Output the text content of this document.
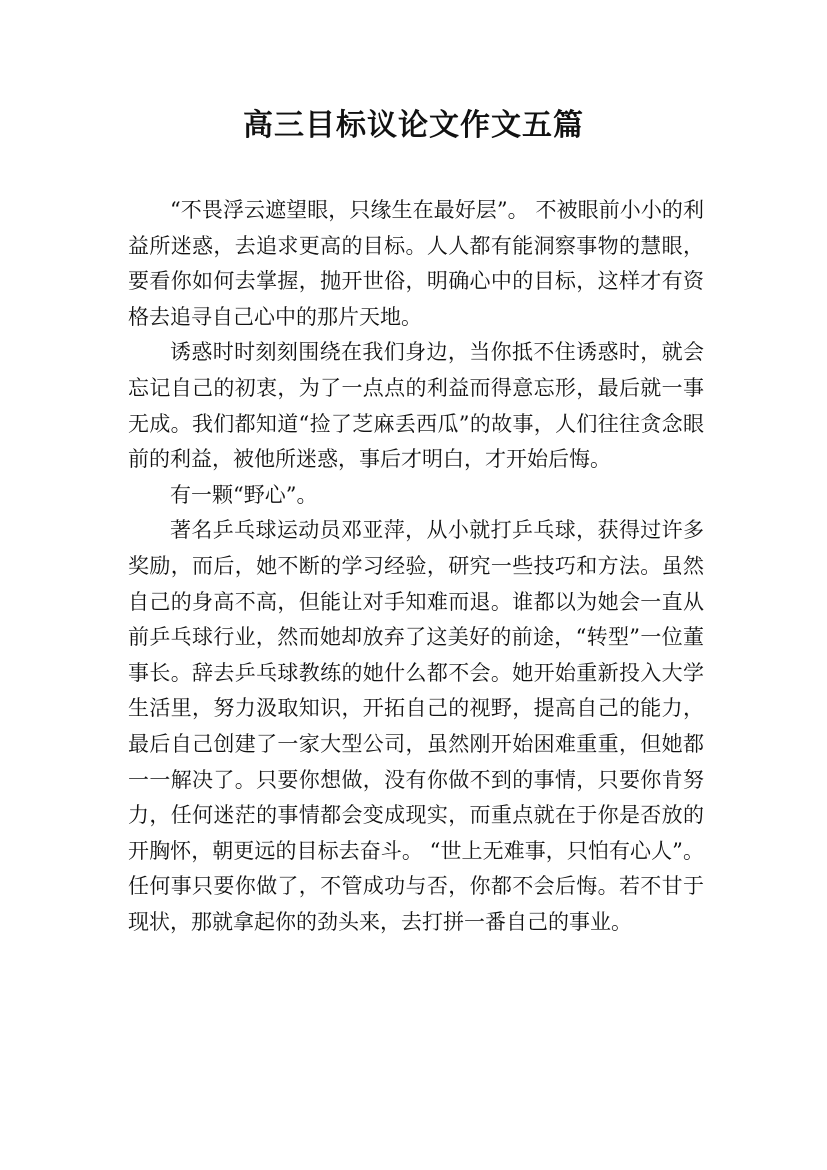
高三目标议论文作文五篇

“不畏浮云遮望眼，只缘生在最好层”。 不被眼前小小的利益所迷惑，去追求更高的目标。人人都有能洞察事物的慧眼，要看你如何去掌握，抛开世俗，明确心中的目标，这样才有资格去追寻自己心中的那片天地。

诱惑时时刻刻围绕在我们身边，当你抵不住诱惑时，就会忘记自己的初衷，为了一点点的利益而得意忘形，最后就一事无成。我们都知道“捡了芝麻丢西瓜”的故事，人们往往贪念眼前的利益，被他所迷惑，事后才明白，才开始后悔。

有一颗“野心”。

著名乒乓球运动员邓亚萍，从小就打乒乓球，获得过许多奖励，而后，她不断的学习经验，研究一些技巧和方法。虽然自己的身高不高，但能让对手知难而退。谁都以为她会一直从前乒乓球行业，然而她却放弃了这美好的前途，“转型”一位董事长。辞去乒乓球教练的她什么都不会。她开始重新投入大学生活里，努力汲取知识，开拓自己的视野，提高自己的能力，最后自己创建了一家大型公司，虽然刚开始困难重重，但她都一一解决了。只要你想做，没有你做不到的事情，只要你肯努力，任何迷茫的事情都会变成现实，而重点就在于你是否放的开胸怀，朝更远的目标去奋斗。 “世上无难事，只怕有心人”。任何事只要你做了，不管成功与否，你都不会后悔。若不甘于现状，那就拿起你的劲头来，去打拼一番自己的事业。
